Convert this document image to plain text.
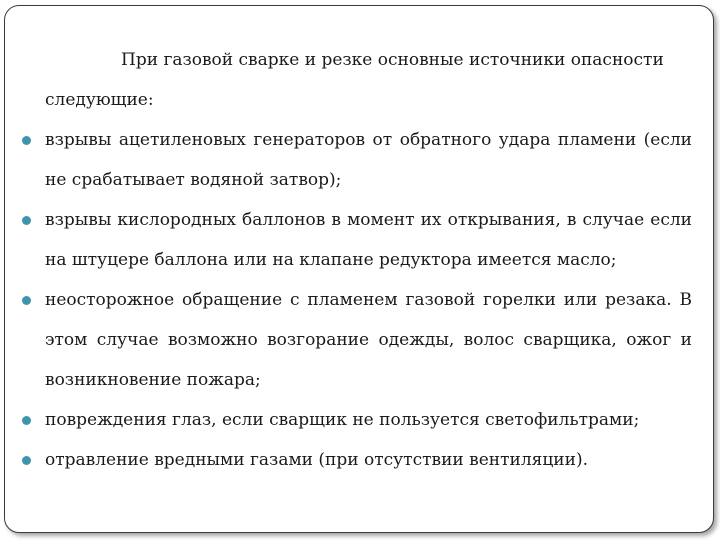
При газовой сварке и резке основные источники опасности следующие:

взрывы ацетиленовых генераторов от обратного удара пламени (если не срабатывает водяной затвор);
взрывы кислородных баллонов в момент их открывания, в случае если на штуцере баллона или на клапане редуктора имеется масло;
неосторожное обращение с пламенем газовой горелки или резака. В этом случае возможно возгорание одежды, волос сварщика, ожог и возникновение пожара;
повреждения глаз, если сварщик не пользуется светофильтрами;
отравление вредными газами (при отсутствии вентиляции).
